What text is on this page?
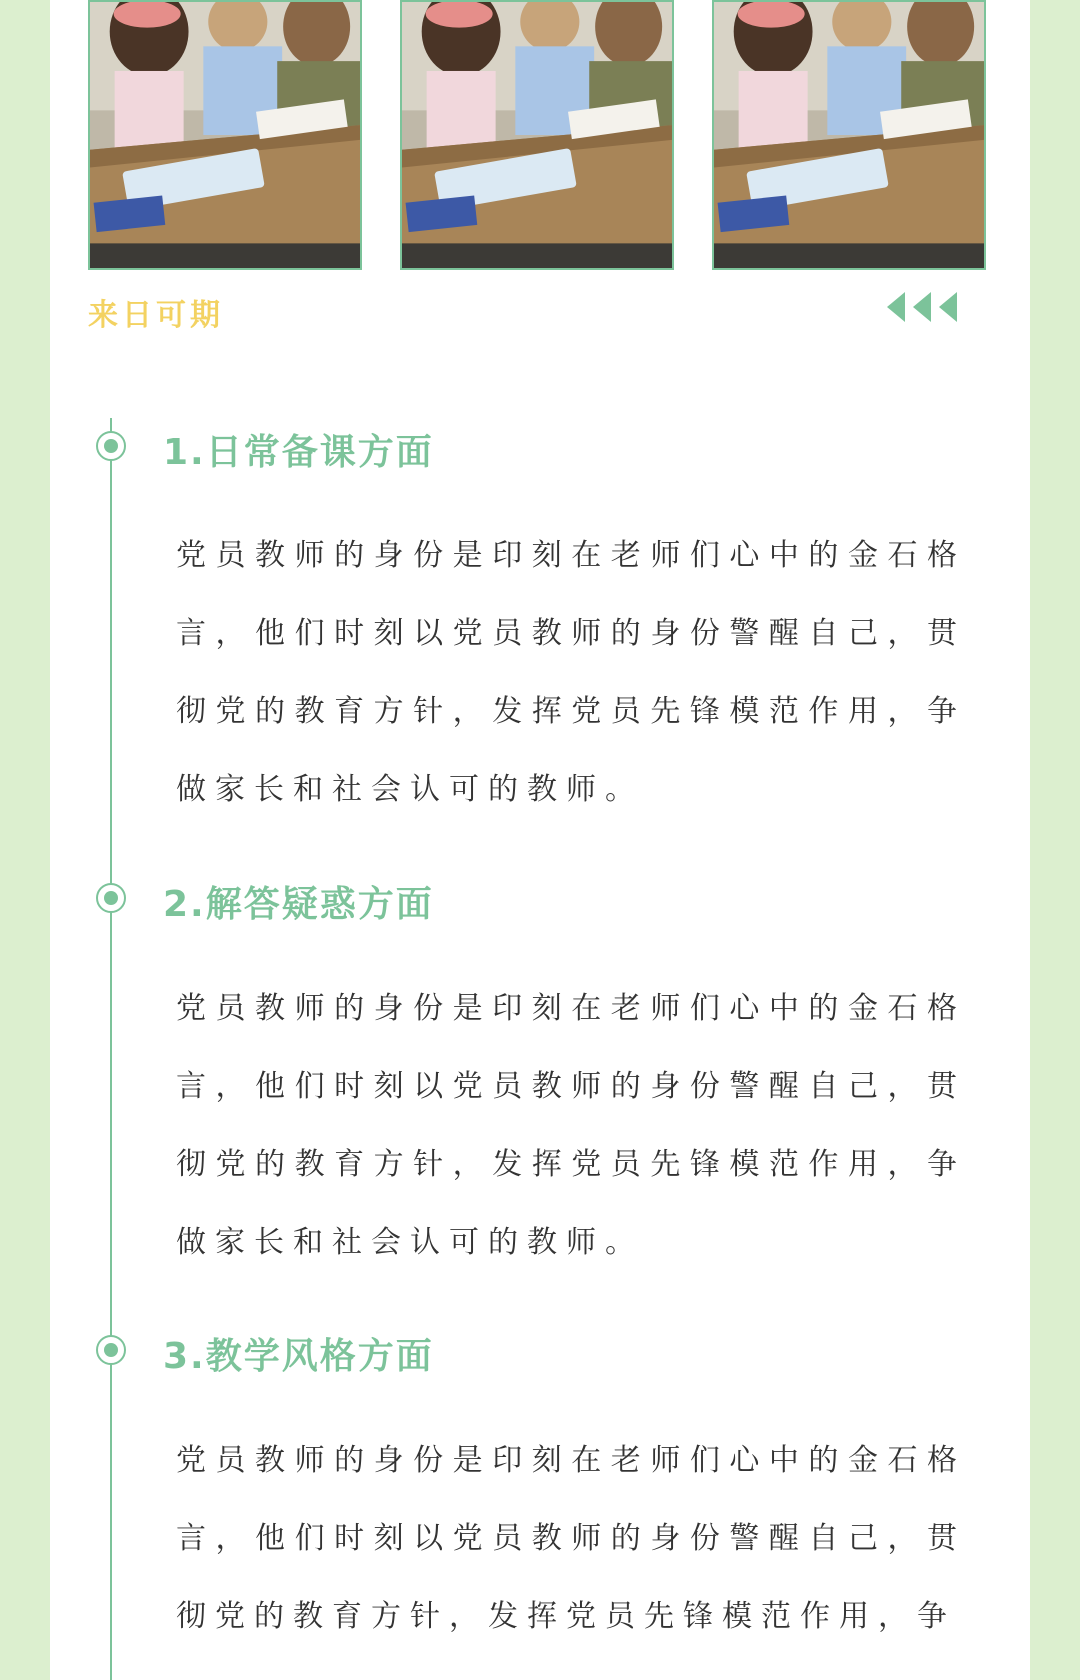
来日可期
1.日常备课方面
党员教师的身份是印刻在老师们心中的金石格言，他们时刻以党员教师的身份警醒自己，贯彻党的教育方针，发挥党员先锋模范作用，争做家长和社会认可的教师。
2.解答疑惑方面
党员教师的身份是印刻在老师们心中的金石格言，他们时刻以党员教师的身份警醒自己，贯彻党的教育方针，发挥党员先锋模范作用，争做家长和社会认可的教师。
3.教学风格方面
党员教师的身份是印刻在老师们心中的金石格言，他们时刻以党员教师的身份警醒自己，贯彻党的教育方针，发挥党员先锋模范作用，争
